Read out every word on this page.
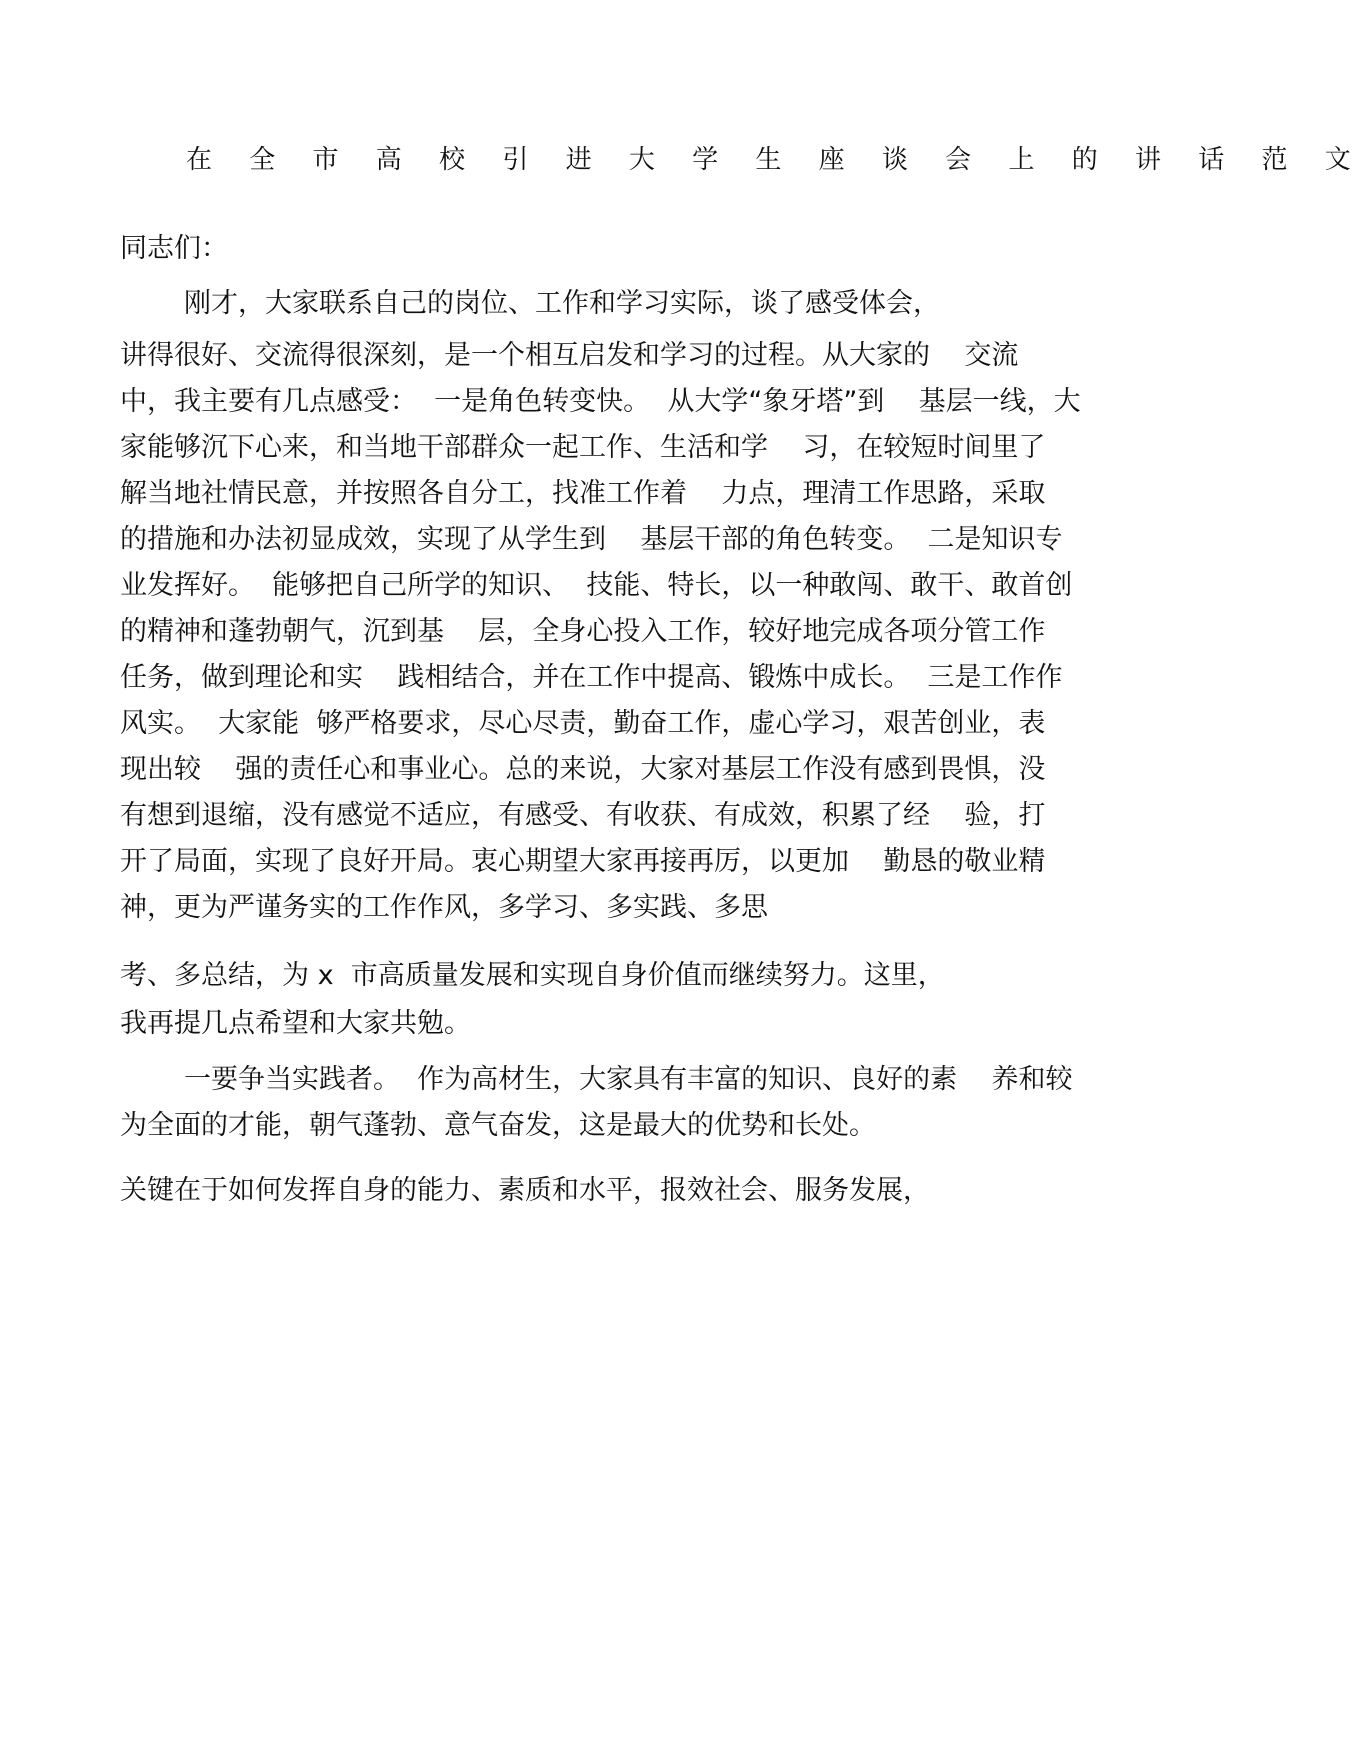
在 全 市 高 校 引 进 大 学 生 座 谈 会 上 的 讲 话 范 文
同志们：
刚才，大家联系自己的岗位、工作和学习实际，谈了感受体会，
讲得很好、交流得很深刻，是一个相互启发和学习的过程。从大家的    交流
中，我主要有几点感受：  一是角色转变快。  从大学“象牙塔”到    基层一线，大
家能够沉下心来，和当地干部群众一起工作、生活和学    习，在较短时间里了
解当地社情民意，并按照各自分工，找准工作着    力点，理清工作思路，采取
的措施和办法初显成效，实现了从学生到    基层干部的角色转变。  二是知识专
业发挥好。  能够把自己所学的知识、  技能、特长，以一种敢闯、敢干、敢首创
的精神和蓬勃朝气，沉到基    层，全身心投入工作，较好地完成各项分管工作
任务，做到理论和实    践相结合，并在工作中提高、锻炼中成长。  三是工作作
风实。  大家能  够严格要求，尽心尽责，勤奋工作，虚心学习，艰苦创业，表
现出较    强的责任心和事业心。总的来说，大家对基层工作没有感到畏惧，没
有想到退缩，没有感觉不适应，有感受、有收获、有成效，积累了经    验，打
开了局面，实现了良好开局。衷心期望大家再接再厉，以更加    勤恳的敬业精
神，更为严谨务实的工作作风，多学习、多实践、多思
考、多总结，为 x  市高质量发展和实现自身价值而继续努力。这里，
我再提几点希望和大家共勉。
一要争当实践者。  作为高材生，大家具有丰富的知识、良好的素    养和较
为全面的才能，朝气蓬勃、意气奋发，这是最大的优势和长处。
关键在于如何发挥自身的能力、素质和水平，报效社会、服务发展，
